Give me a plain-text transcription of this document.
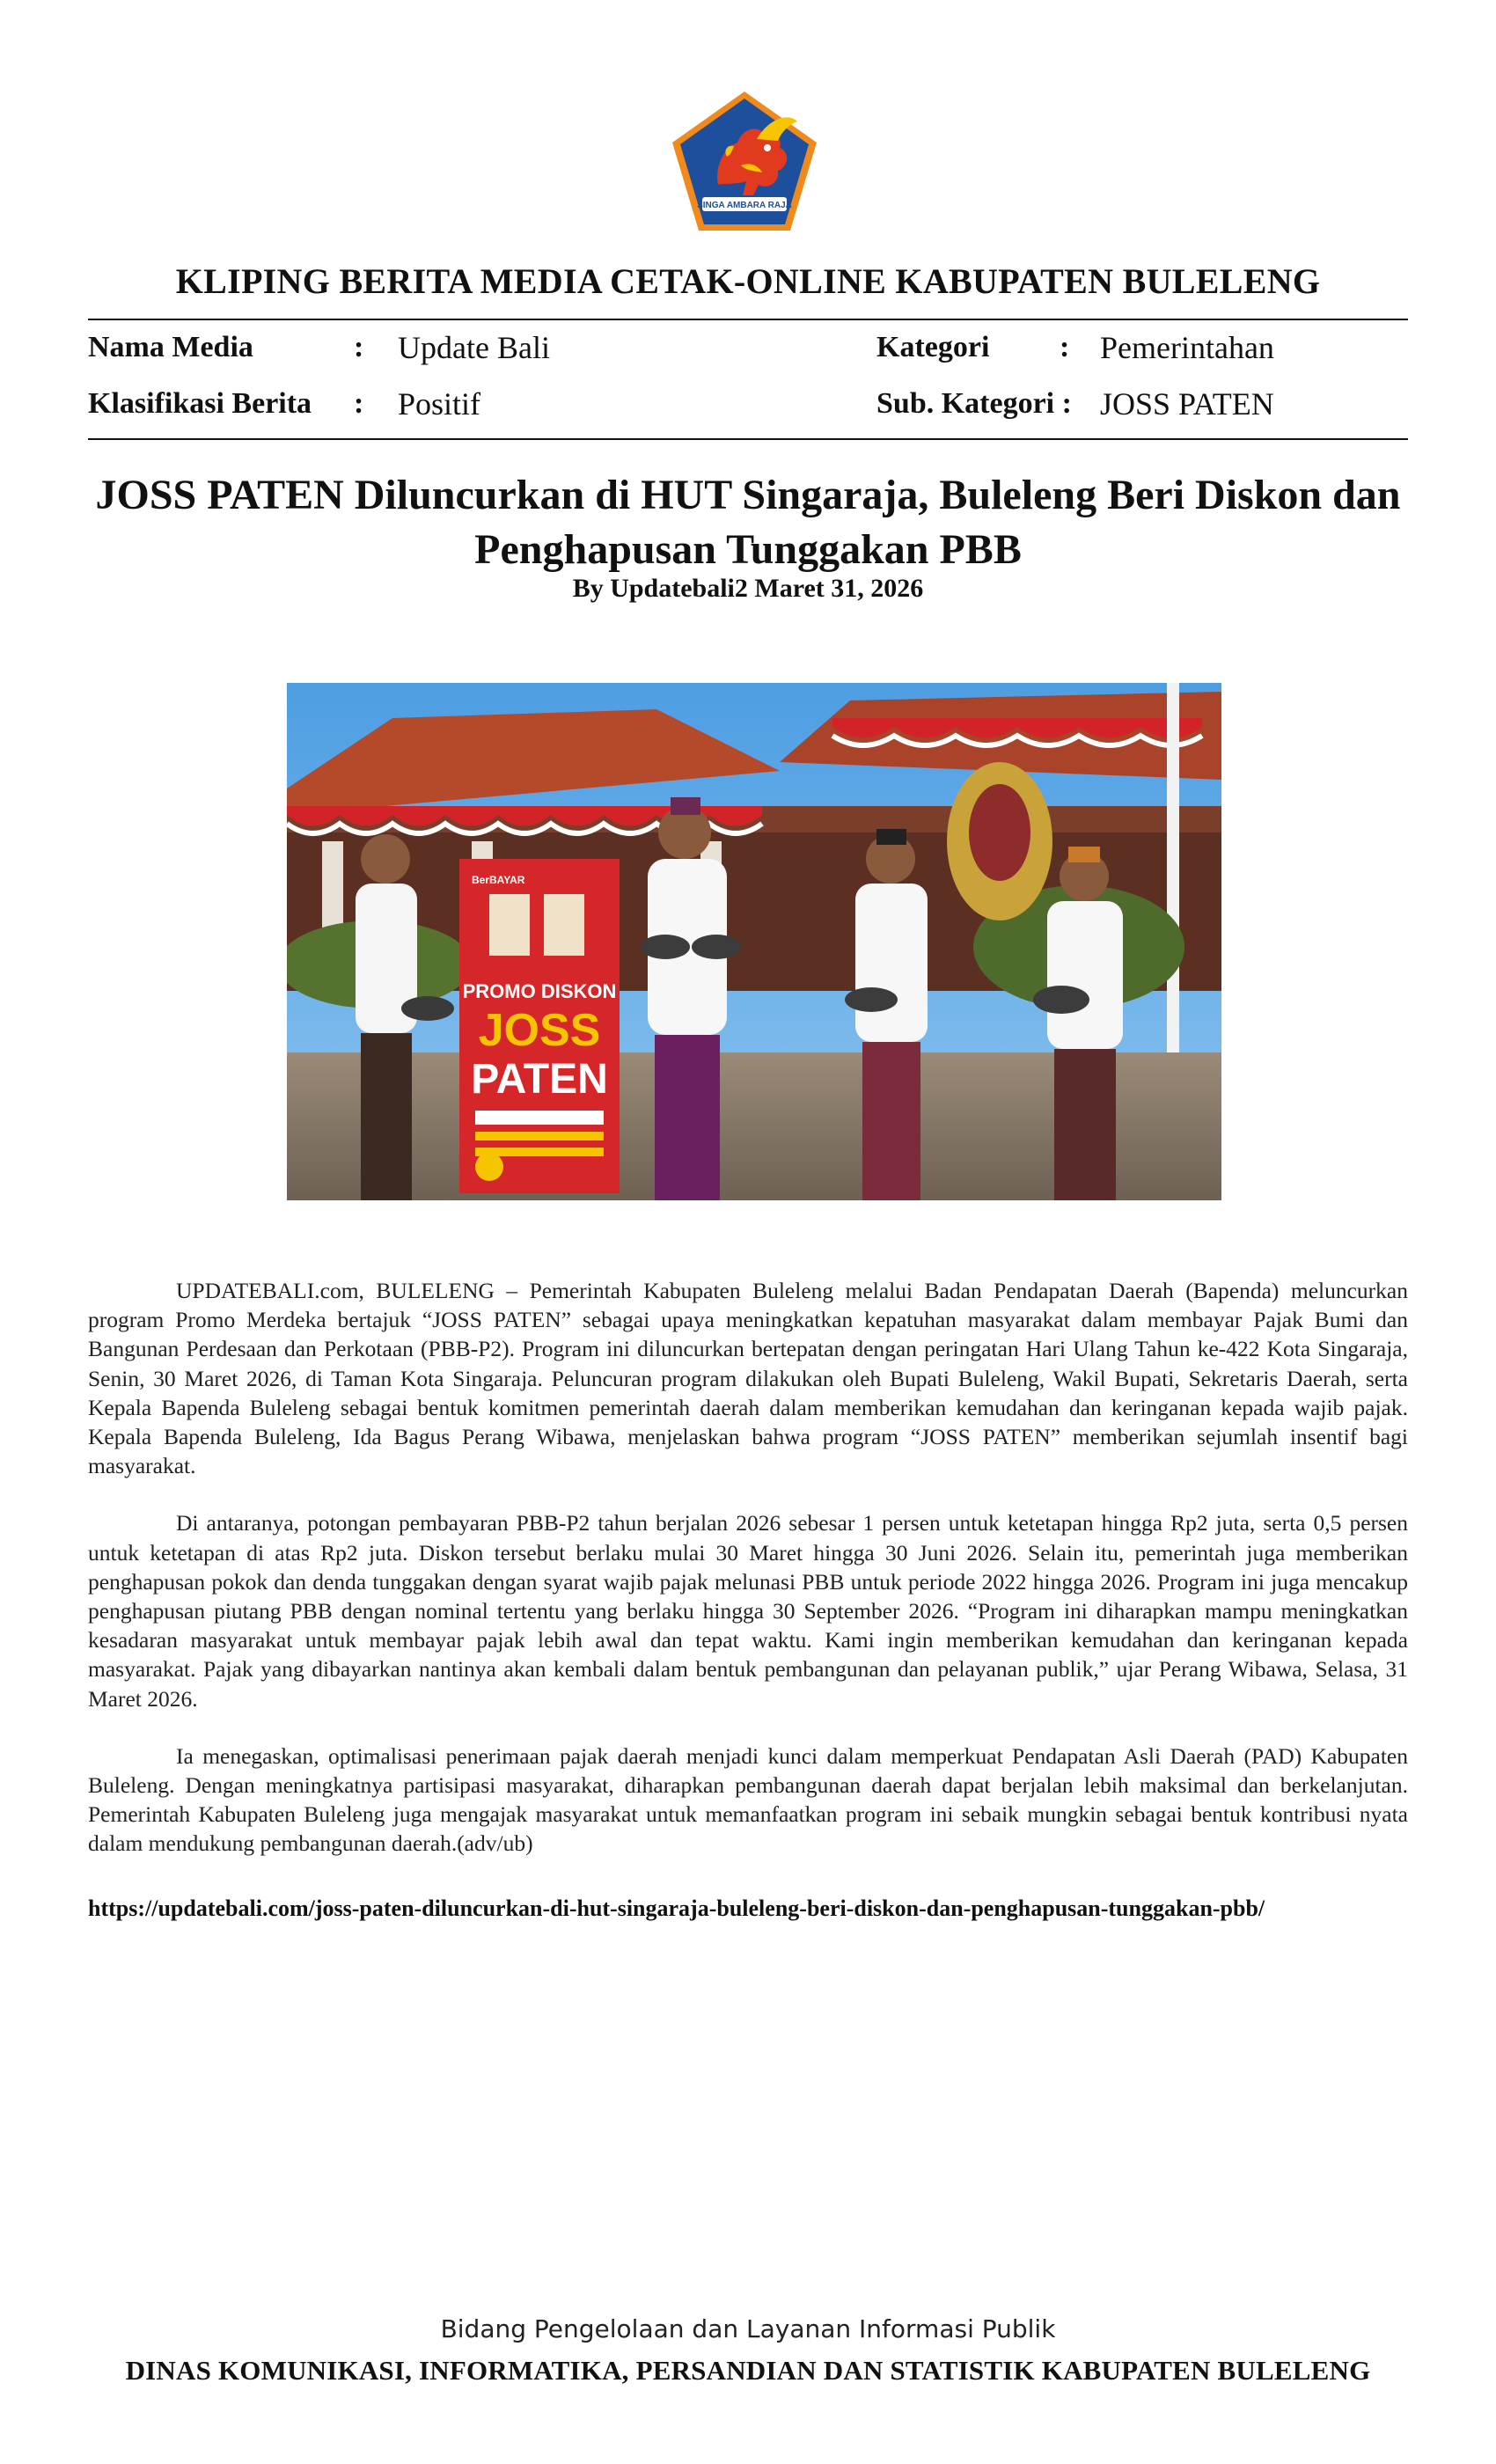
SINGA AMBARA RAJA
KLIPING BERITA MEDIA CETAK-ONLINE KABUPATEN BULELENG
Nama Media	: Update Bali	Kategori : Pemerintahan
Klasifikasi Berita : Positif	Sub. Kategori : JOSS PATEN
JOSS PATEN Diluncurkan di HUT Singaraja, Buleleng Beri Diskon dan Penghapusan Tunggakan PBB
By Updatebali2 Maret 31, 2026
BerBAYAR
PROMO DISKON
JOSS
PATEN

UPDATEBALI.com, BULELENG – Pemerintah Kabupaten Buleleng melalui Badan Pendapatan Daerah (Bapenda) meluncurkan program Promo Merdeka bertajuk “JOSS PATEN” sebagai upaya meningkatkan kepatuhan masyarakat dalam membayar Pajak Bumi dan Bangunan Perdesaan dan Perkotaan (PBB-P2). Program ini diluncurkan bertepatan dengan peringatan Hari Ulang Tahun ke-422 Kota Singaraja, Senin, 30 Maret 2026, di Taman Kota Singaraja. Peluncuran program dilakukan oleh Bupati Buleleng, Wakil Bupati, Sekretaris Daerah, serta Kepala Bapenda Buleleng sebagai bentuk komitmen pemerintah daerah dalam memberikan kemudahan dan keringanan kepada wajib pajak. Kepala Bapenda Buleleng, Ida Bagus Perang Wibawa, menjelaskan bahwa program “JOSS PATEN” memberikan sejumlah insentif bagi masyarakat.

Di antaranya, potongan pembayaran PBB-P2 tahun berjalan 2026 sebesar 1 persen untuk ketetapan hingga Rp2 juta, serta 0,5 persen untuk ketetapan di atas Rp2 juta. Diskon tersebut berlaku mulai 30 Maret hingga 30 Juni 2026. Selain itu, pemerintah juga memberikan penghapusan pokok dan denda tunggakan dengan syarat wajib pajak melunasi PBB untuk periode 2022 hingga 2026. Program ini juga mencakup penghapusan piutang PBB dengan nominal tertentu yang berlaku hingga 30 September 2026. “Program ini diharapkan mampu meningkatkan kesadaran masyarakat untuk membayar pajak lebih awal dan tepat waktu. Kami ingin memberikan kemudahan dan keringanan kepada masyarakat. Pajak yang dibayarkan nantinya akan kembali dalam bentuk pembangunan dan pelayanan publik,” ujar Perang Wibawa, Selasa, 31 Maret 2026.

Ia menegaskan, optimalisasi penerimaan pajak daerah menjadi kunci dalam memperkuat Pendapatan Asli Daerah (PAD) Kabupaten Buleleng. Dengan meningkatnya partisipasi masyarakat, diharapkan pembangunan daerah dapat berjalan lebih maksimal dan berkelanjutan. Pemerintah Kabupaten Buleleng juga mengajak masyarakat untuk memanfaatkan program ini sebaik mungkin sebagai bentuk kontribusi nyata dalam mendukung pembangunan daerah.(adv/ub)

https://updatebali.com/joss-paten-diluncurkan-di-hut-singaraja-buleleng-beri-diskon-dan-penghapusan-tunggakan-pbb/
Bidang Pengelolaan dan Layanan Informasi Publik
DINAS KOMUNIKASI, INFORMATIKA, PERSANDIAN DAN STATISTIK KABUPATEN BULELENG
